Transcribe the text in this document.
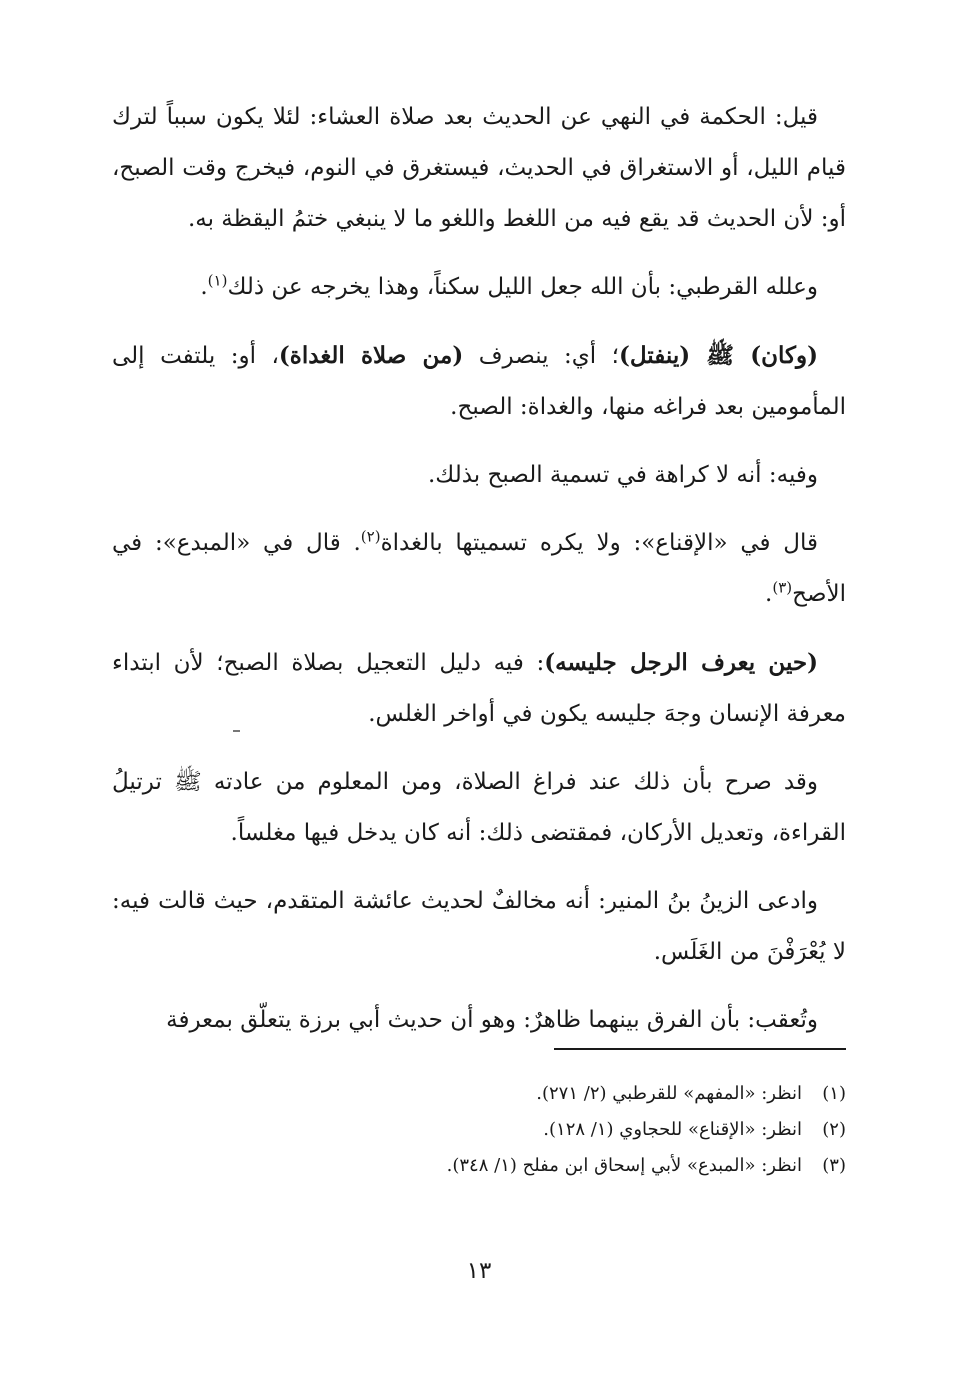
قيل: الحكمة في النهي عن الحديث بعد صلاة العشاء: لئلا يكون سبباً لترك قيام الليل، أو الاستغراق في الحديث، فيستغرق في النوم، فيخرج وقت الصبح، أو: لأن الحديث قد يقع فيه من اللغط واللغو ما لا ينبغي ختمُ اليقظة به.

وعلله القرطبي: بأن الله جعل الليل سكناً، وهذا يخرجه عن ذلك$^{(١)}$.

(وكان) ﷺ (ينفتل)؛ أي: ينصرف (من صلاة الغداة)، أو: يلتفت إلى المأمومين بعد فراغه منها، والغداة: الصبح.

وفيه: أنه لا كراهة في تسمية الصبح بذلك.

قال في «الإقناع»: ولا يكره تسميتها بالغداة$^{(٢)}$. قال في «المبدع»: في الأصح$^{(٣)}$.

(حين يعرف الرجل جليسه): فيه دليل التعجيل بصلاة الصبح؛ لأن ابتداء معرفة الإنسان وجهَ جليسه يكون في أواخر الغلس.

وقد صرح بأن ذلك عند فراغ الصلاة، ومن المعلوم من عادته ﷺ ترتيلُ القراءة، وتعديل الأركان، فمقتضى ذلك: أنه كان يدخل فيها مغلساً.

وادعى الزينُ بنُ المنير: أنه مخالفٌ لحديث عائشة المتقدم، حيث قالت فيه: لا يُعْرَفْنَ من الغَلَس.

وتُعقب: بأن الفرق بينهما ظاهرٌ: وهو أن حديث أبي برزة يتعلّق بمعرفة

(١)انظر: «المفهم» للقرطبي (٢/ ٢٧١).

(٢)انظر: «الإقناع» للحجاوي (١/ ١٢٨).

(٣)انظر: «المبدع» لأبي إسحاق ابن مفلح (١/ ٣٤٨).

١٣
